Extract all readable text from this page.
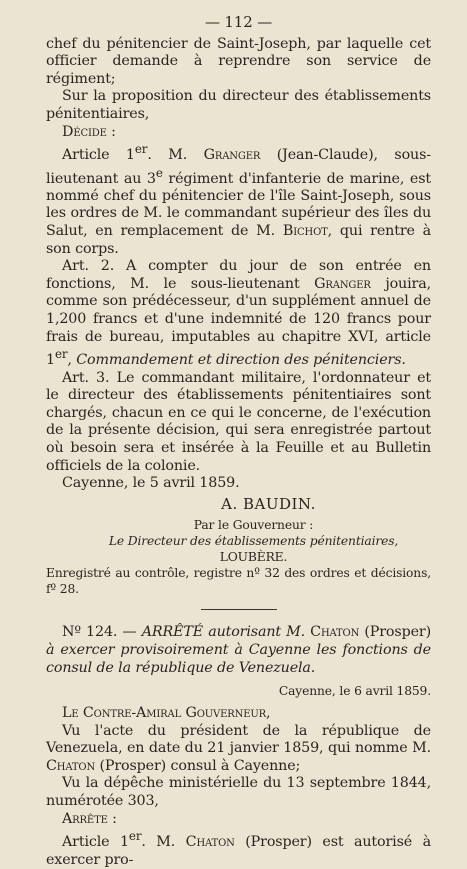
— 112 —

chef du pénitencier de Saint-Joseph, par laquelle cet officier demande à reprendre son service de régiment;

Sur la proposition du directeur des établissements pénitentiaires,

Décide :

Article 1er. M. Granger (Jean-Claude), sous-lieutenant au 3e régiment d'infanterie de marine, est nommé chef du pénitencier de l'île Saint-Joseph, sous les ordres de M. le commandant supérieur des îles du Salut, en remplacement de M. Bichot, qui rentre à son corps.

Art. 2. A compter du jour de son entrée en fonctions, M. le sous-lieutenant Granger jouira, comme son prédécesseur, d'un supplément annuel de 1,200 francs et d'une indemnité de 120 francs pour frais de bureau, imputables au chapitre XVI, article 1er, Commandement et direction des pénitenciers.

Art. 3. Le commandant militaire, l'ordonnateur et le directeur des établissements pénitentiaires sont chargés, chacun en ce qui le concerne, de l'exécution de la présente décision, qui sera enregistrée partout où besoin sera et insérée à la Feuille et au Bulletin officiels de la colonie.

Cayenne, le 5 avril 1859.

A. BAUDIN.
Par le Gouverneur :
Le Directeur des établissements pénitentiaires,
LOUBÈRE.

Enregistré au contrôle, registre nº 32 des ordres et décisions, fº 28.

Nº 124. — ARRÊTÉ autorisant M. Chaton (Prosper) à exercer provisoirement à Cayenne les fonctions de consul de la république de Venezuela.

Cayenne, le 6 avril 1859.

Le Contre-Amiral Gouverneur,

Vu l'acte du président de la république de Venezuela, en date du 21 janvier 1859, qui nomme M. Chaton (Prosper) consul à Cayenne;

Vu la dépêche ministérielle du 13 septembre 1844, numérotée 303,

Arrête :

Article 1er. M. Chaton (Prosper) est autorisé à exercer pro-
